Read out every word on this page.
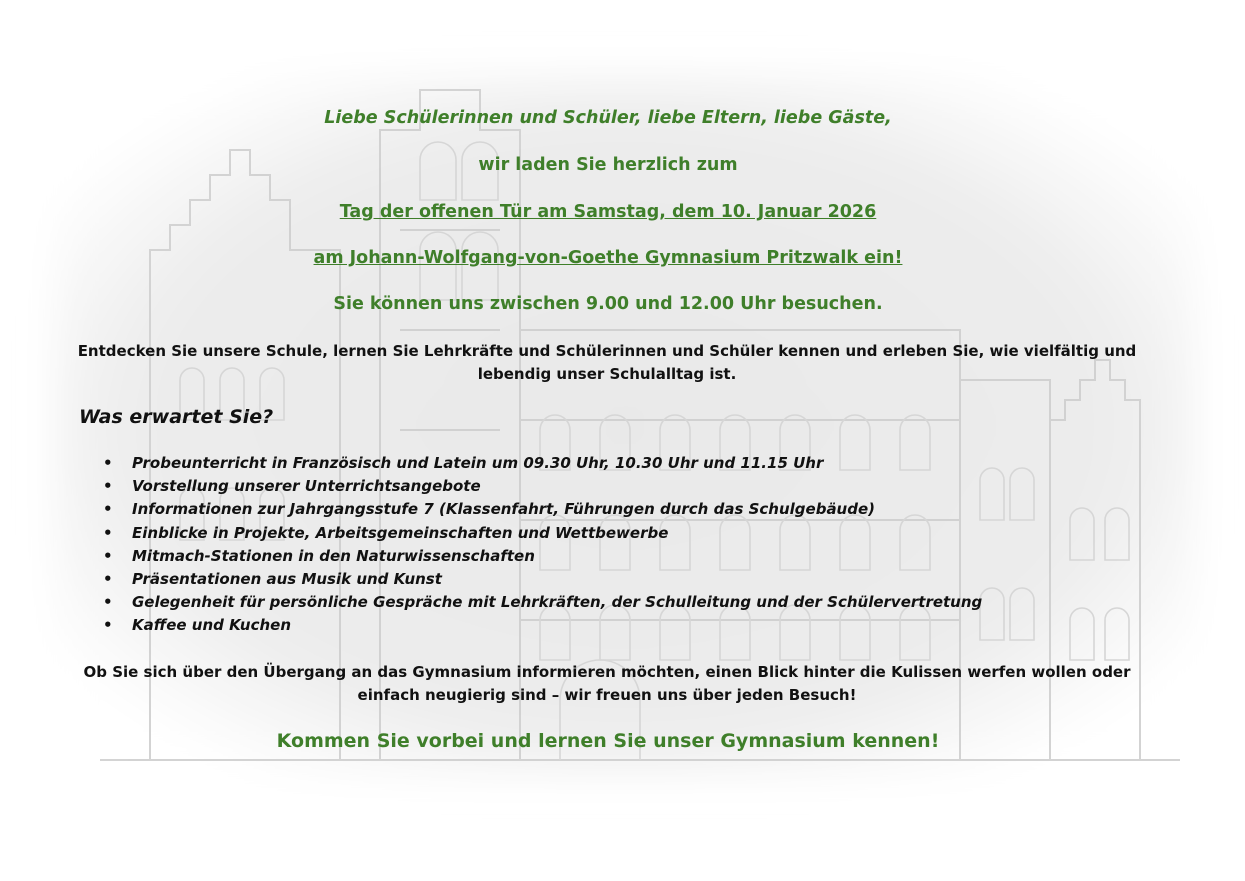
Liebe Schülerinnen und Schüler, liebe Eltern, liebe Gäste,
wir laden Sie herzlich zum
Tag der offenen Tür am Samstag, dem 10. Januar 2026
am Johann-Wolfgang-von-Goethe Gymnasium Pritzwalk ein!
Sie können uns zwischen 9.00 und 12.00 Uhr besuchen.
Entdecken Sie unsere Schule, lernen Sie Lehrkräfte und Schülerinnen und Schüler kennen und erleben Sie, wie vielfältig und
lebendig unser Schulalltag ist.
Was erwartet Sie?
• Probeunterricht in Französisch und Latein um 09.30 Uhr, 10.30 Uhr und 11.15 Uhr
• Vorstellung unserer Unterrichtsangebote
• Informationen zur Jahrgangsstufe 7 (Klassenfahrt, Führungen durch das Schulgebäude)
• Einblicke in Projekte, Arbeitsgemeinschaften und Wettbewerbe
• Mitmach-Stationen in den Naturwissenschaften
• Präsentationen aus Musik und Kunst
• Gelegenheit für persönliche Gespräche mit Lehrkräften, der Schulleitung und der Schülervertretung
• Kaffee und Kuchen
Ob Sie sich über den Übergang an das Gymnasium informieren möchten, einen Blick hinter die Kulissen werfen wollen oder
einfach neugierig sind – wir freuen uns über jeden Besuch!
Kommen Sie vorbei und lernen Sie unser Gymnasium kennen!
